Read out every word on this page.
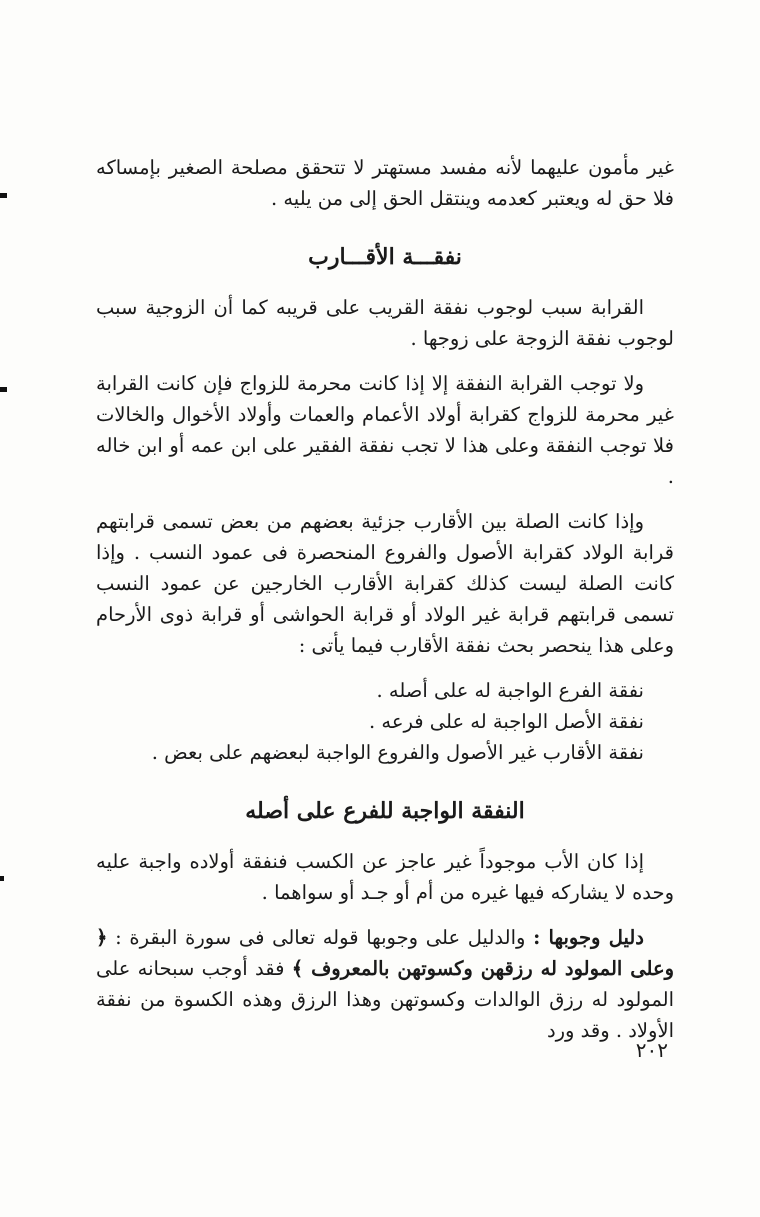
غير مأمون عليهما لأنه مفسد مستهتر لا تتحقق مصلحة الصغير بإمساكه فلا حق له ويعتبر كعدمه وينتقل الحق إلى من يليه .

نفقـــة الأقـــارب

القرابة سبب لوجوب نفقة القريب على قريبه كما أن الزوجية سبب لوجوب نفقة الزوجة على زوجها .

ولا توجب القرابة النفقة إلا إذا كانت محرمة للزواج فإن كانت القرابة غير محرمة للزواج كقرابة أولاد الأعمام والعمات وأولاد الأخوال والخالات فلا توجب النفقة وعلى هذا لا تجب نفقة الفقير على ابن عمه أو ابن خاله .

وإذا كانت الصلة بين الأقارب جزئية بعضهم من بعض تسمى قرابتهم قرابة الولاد كقرابة الأصول والفروع المنحصرة فى عمود النسب . وإذا كانت الصلة ليست كذلك كقرابة الأقارب الخارجين عن عمود النسب تسمى قرابتهم قرابة غير الولاد أو قرابة الحواشى أو قرابة ذوى الأرحام وعلى هذا ينحصر بحث نفقة الأقارب فيما يأتى :

نفقة الفرع الواجبة له على أصله .
نفقة الأصل الواجبة له على فرعه .
نفقة الأقارب غير الأصول والفروع الواجبة لبعضهم على بعض .
النفقة الواجبة للفرع على أصله

إذا كان الأب موجوداً غير عاجز عن الكسب فنفقة أولاده واجبة عليه وحده لا يشاركه فيها غيره من أم أو جـد أو سواهما .

دليل وجوبها : والدليل على وجوبها قوله تعالى فى سورة البقرة : ﴿ وعلى المولود له رزقهن وكسوتهن بالمعروف ﴾ فقد أوجب سبحانه على المولود له رزق الوالدات وكسوتهن وهذا الرزق وهذه الكسوة من نفقة الأولاد . وقد ورد

٢٠٢
